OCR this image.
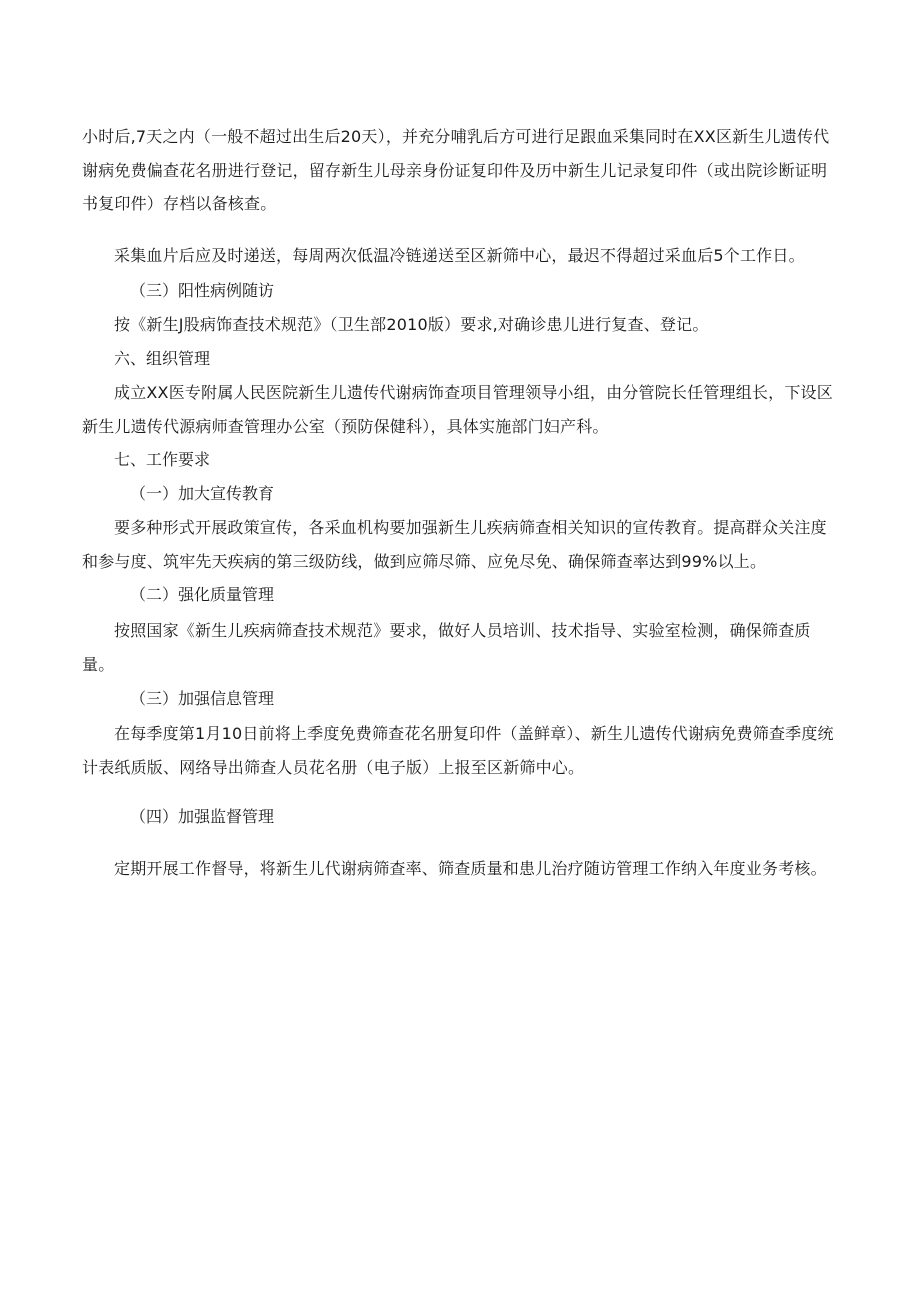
小时后,7天之内（一般不超过出生后20天），并充分哺乳后方可进行足跟血采集同时在XX区新生儿遗传代谢病免费偏查花名册进行登记，留存新生儿母亲身份证复印件及历中新生儿记录复印件（或出院诊断证明书复印件）存档以备核查。

采集血片后应及时递送，每周两次低温冷链递送至区新筛中心，最迟不得超过采血后5个工作日。

（三）阳性病例随访

按《新生J股病饰查技术规范》（卫生部2010版）要求,对确诊患儿进行复查、登记。

六、组织管理

成立XX医专附属人民医院新生儿遗传代谢病饰查项目管理领导小组，由分管院长任管理组长，下设区新生儿遗传代源病师查管理办公室（预防保健科），具体实施部门妇产科。

七、工作要求

（一）加大宣传教育

要多种形式开展政策宣传，各采血机构要加强新生儿疾病筛查相关知识的宣传教育。提高群众关注度和参与度、筑牢先天疾病的第三级防线，做到应筛尽筛、应免尽免、确保筛查率达到99%以上。

（二）强化质量管理

按照国家《新生儿疾病筛查技术规范》要求，做好人员培训、技术指导、实验室检测，确保筛查质量。

（三）加强信息管理

在每季度第1月10日前将上季度免费筛查花名册复印件（盖鲜章）、新生儿遗传代谢病免费筛查季度统计表纸质版、网络导出筛查人员花名册（电子版）上报至区新筛中心。

（四）加强监督管理

定期开展工作督导，将新生儿代谢病筛查率、筛查质量和患儿治疗随访管理工作纳入年度业务考核。
